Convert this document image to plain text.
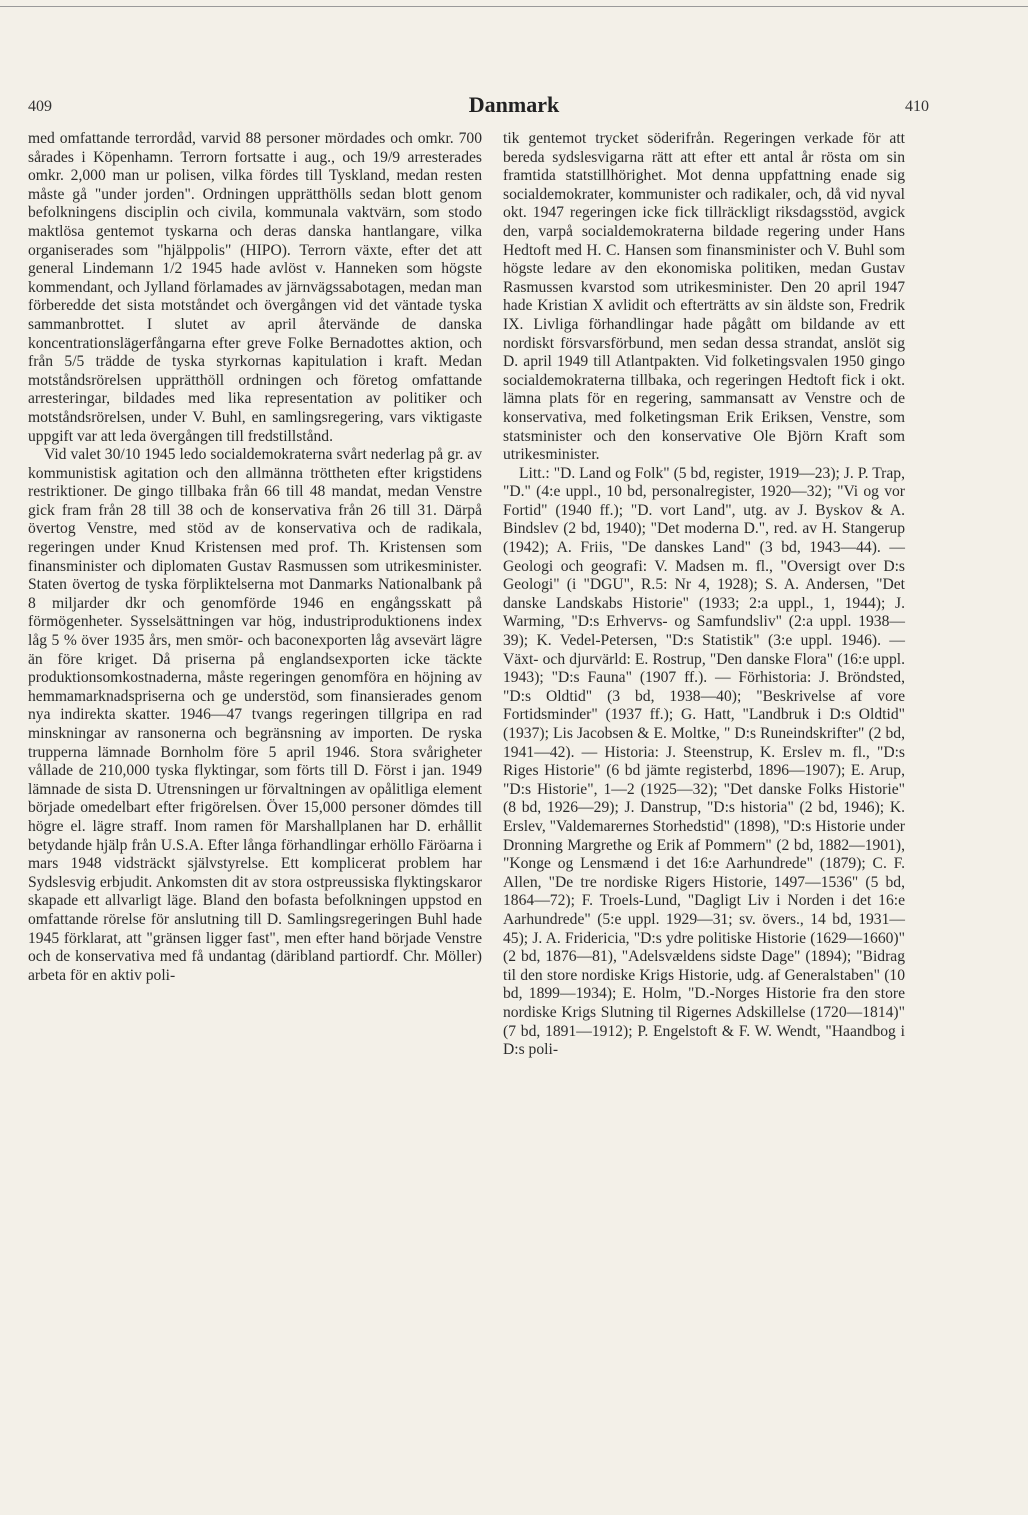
409	Danmark	410

med omfattande terrordåd, varvid 88 personer mördades och omkr. 700 sårades i Köpenhamn. Terrorn fortsatte i aug., och 19/9 arresterades omkr. 2,000 man ur polisen, vilka fördes till Tyskland, medan resten måste gå "under jorden". Ordningen upprätthölls sedan blott genom befolkningens disciplin och civila, kommunala vaktvärn, som stodo maktlösa gentemot tyskarna och deras danska hantlangare, vilka organiserades som "hjälppolis" (HIPO). Terrorn växte, efter det att general Lindemann 1/2 1945 hade avlöst v. Hanneken som högste kommendant, och Jylland förlamades av järnvägssabotagen, medan man förberedde det sista motståndet och övergången vid det väntade tyska sammanbrottet. I slutet av april återvände de danska koncentrationslägerfångarna efter greve Folke Bernadottes aktion, och från 5/5 trädde de tyska styrkornas kapitulation i kraft. Medan motståndsrörelsen upprätthöll ordningen och företog omfattande arresteringar, bildades med lika representation av politiker och motståndsrörelsen, under V. Buhl, en samlingsregering, vars viktigaste uppgift var att leda övergången till fredstillstånd.

Vid valet 30/10 1945 ledo socialdemokraterna svårt nederlag på gr. av kommunistisk agitation och den allmänna tröttheten efter krigstidens restriktioner. De gingo tillbaka från 66 till 48 mandat, medan Venstre gick fram från 28 till 38 och de konservativa från 26 till 31. Därpå övertog Venstre, med stöd av de konservativa och de radikala, regeringen under Knud Kristensen med prof. Th. Kristensen som finansminister och diplomaten Gustav Rasmussen som utrikesminister. Staten övertog de tyska förpliktelserna mot Danmarks Nationalbank på 8 miljarder dkr och genomförde 1946 en engångsskatt på förmögenheter. Sysselsättningen var hög, industriproduktionens index låg 5 % över 1935 års, men smör- och baconexporten låg avsevärt lägre än före kriget. Då priserna på englandsexporten icke täckte produktionsomkostnaderna, måste regeringen genomföra en höjning av hemmamarknadspriserna och ge understöd, som finansierades genom nya indirekta skatter. 1946—47 tvangs regeringen tillgripa en rad minskningar av ransonerna och begränsning av importen. De ryska trupperna lämnade Bornholm före 5 april 1946. Stora svårigheter vållade de 210,000 tyska flyktingar, som förts till D. Först i jan. 1949 lämnade de sista D. Utrensningen ur förvaltningen av opålitliga element började omedelbart efter frigörelsen. Över 15,000 personer dömdes till högre el. lägre straff. Inom ramen för Marshallplanen har D. erhållit betydande hjälp från U.S.A. Efter långa förhandlingar erhöllo Färöarna i mars 1948 vidsträckt självstyrelse. Ett komplicerat problem har Sydslesvig erbjudit. Ankomsten dit av stora ostpreussiska flyktingskaror skapade ett allvarligt läge. Bland den bofasta befolkningen uppstod en omfattande rörelse för anslutning till D. Samlingsregeringen Buhl hade 1945 förklarat, att "gränsen ligger fast", men efter hand började Venstre och de konservativa med få undantag (däribland partiordf. Chr. Möller) arbeta för en aktiv poli-

tik gentemot trycket söderifrån. Regeringen verkade för att bereda sydslesvigarna rätt att efter ett antal år rösta om sin framtida statstillhörighet. Mot denna uppfattning enade sig socialdemokrater, kommunister och radikaler, och, då vid nyval okt. 1947 regeringen icke fick tillräckligt riksdagsstöd, avgick den, varpå socialdemokraterna bildade regering under Hans Hedtoft med H. C. Hansen som finansminister och V. Buhl som högste ledare av den ekonomiska politiken, medan Gustav Rasmussen kvarstod som utrikesminister. Den 20 april 1947 hade Kristian X avlidit och efterträtts av sin äldste son, Fredrik IX. Livliga förhandlingar hade pågått om bildande av ett nordiskt försvarsförbund, men sedan dessa strandat, anslöt sig D. april 1949 till Atlantpakten. Vid folketingsvalen 1950 gingo socialdemokraterna tillbaka, och regeringen Hedtoft fick i okt. lämna plats för en regering, sammansatt av Venstre och de konservativa, med folketingsman Erik Eriksen, Venstre, som statsminister och den konservative Ole Björn Kraft som utrikesminister.

Litt.: "D. Land og Folk" (5 bd, register, 1919—23); J. P. Trap, "D." (4:e uppl., 10 bd, personalregister, 1920—32); "Vi og vor Fortid" (1940 ff.); "D. vort Land", utg. av J. Byskov & A. Bindslev (2 bd, 1940); "Det moderna D.", red. av H. Stangerup (1942); A. Friis, "De danskes Land" (3 bd, 1943—44). — Geologi och geografi: V. Madsen m. fl., "Oversigt over D:s Geologi" (i "DGU", R.5: Nr 4, 1928); S. A. Andersen, "Det danske Landskabs Historie" (1933; 2:a uppl., 1, 1944); J. Warming, "D:s Erhvervs- og Samfundsliv" (2:a uppl. 1938—39); K. Vedel-Petersen, "D:s Statistik" (3:e uppl. 1946). — Växt- och djurvärld: E. Rostrup, "Den danske Flora" (16:e uppl. 1943); "D:s Fauna" (1907 ff.). — Förhistoria: J. Bröndsted, "D:s Oldtid" (3 bd, 1938—40); "Beskrivelse af vore Fortidsminder" (1937 ff.); G. Hatt, "Landbruk i D:s Oldtid" (1937); Lis Jacobsen & E. Moltke, " D:s Runeindskrifter" (2 bd, 1941—42). — Historia: J. Steenstrup, K. Erslev m. fl., "D:s Riges Historie" (6 bd jämte registerbd, 1896—1907); E. Arup, "D:s Historie", 1—2 (1925—32); "Det danske Folks Historie" (8 bd, 1926—29); J. Danstrup, "D:s historia" (2 bd, 1946); K. Erslev, "Valdemarernes Storhedstid" (1898), "D:s Historie under Dronning Margrethe og Erik af Pommern" (2 bd, 1882—1901), "Konge og Lensmænd i det 16:e Aarhundrede" (1879); C. F. Allen, "De tre nordiske Rigers Historie, 1497—1536" (5 bd, 1864—72); F. Troels-Lund, "Dagligt Liv i Norden i det 16:e Aarhundrede" (5:e uppl. 1929—31; sv. övers., 14 bd, 1931—45); J. A. Fridericia, "D:s ydre politiske Historie (1629—1660)" (2 bd, 1876—81), "Adelsvældens sidste Dage" (1894); "Bidrag til den store nordiske Krigs Historie, udg. af Generalstaben" (10 bd, 1899—1934); E. Holm, "D.-Norges Historie fra den store nordiske Krigs Slutning til Rigernes Adskillelse (1720—1814)" (7 bd, 1891—1912); P. Engelstoft & F. W. Wendt, "Haandbog i D:s poli-
